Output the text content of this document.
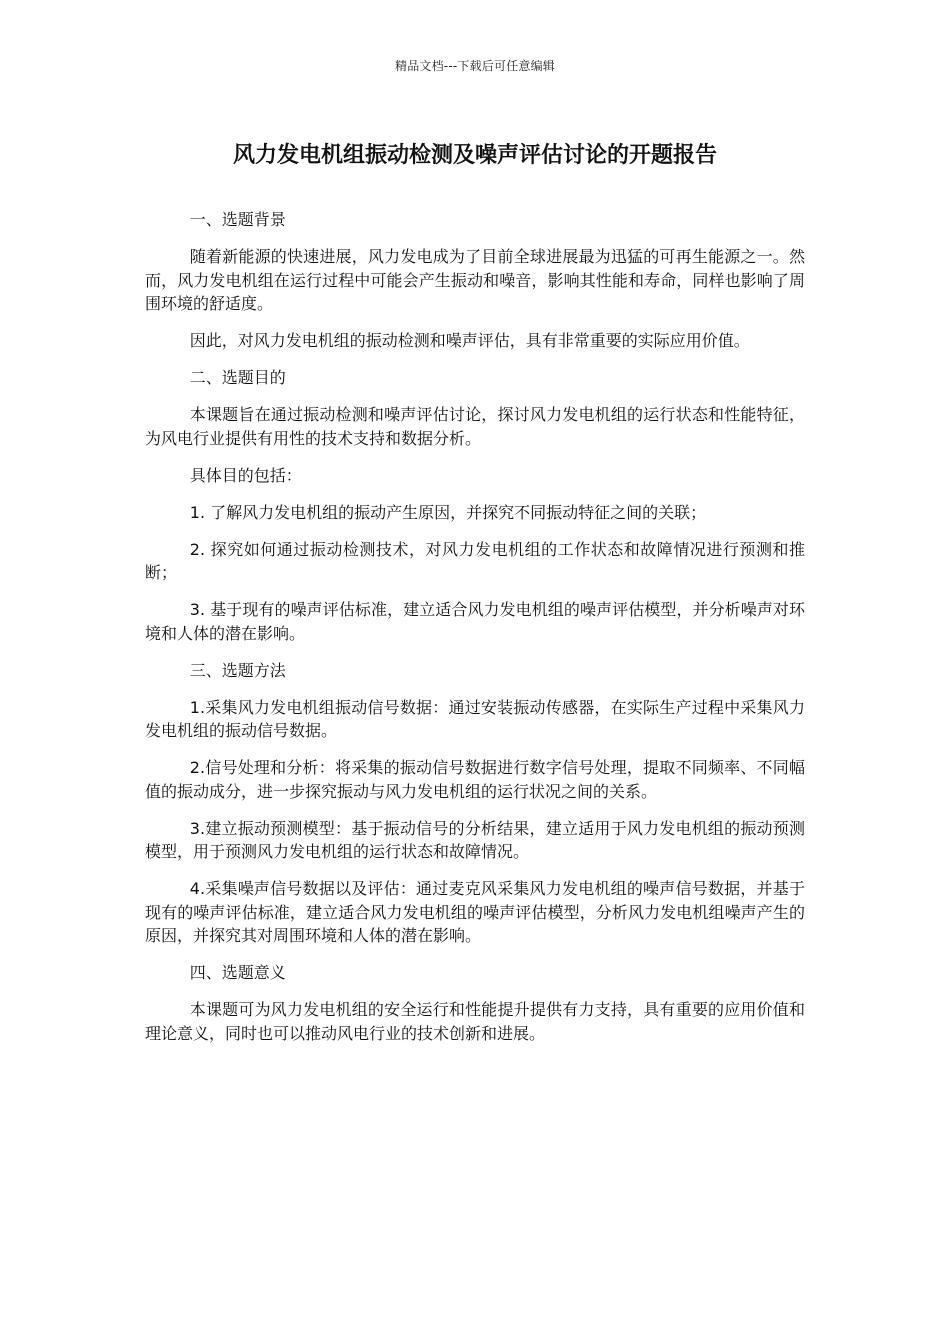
精品文档---下载后可任意编辑
风力发电机组振动检测及噪声评估讨论的开题报告

一、选题背景

随着新能源的快速进展，风力发电成为了目前全球进展最为迅猛的可再生能源之一。然而，风力发电机组在运行过程中可能会产生振动和噪音，影响其性能和寿命，同样也影响了周围环境的舒适度。

因此，对风力发电机组的振动检测和噪声评估，具有非常重要的实际应用价值。

二、选题目的

本课题旨在通过振动检测和噪声评估讨论，探讨风力发电机组的运行状态和性能特征，为风电行业提供有用性的技术支持和数据分析。

具体目的包括：

1. 了解风力发电机组的振动产生原因，并探究不同振动特征之间的关联；

2. 探究如何通过振动检测技术，对风力发电机组的工作状态和故障情况进行预测和推断；

3. 基于现有的噪声评估标准，建立适合风力发电机组的噪声评估模型，并分析噪声对环境和人体的潜在影响。

三、选题方法

1.采集风力发电机组振动信号数据：通过安装振动传感器，在实际生产过程中采集风力发电机组的振动信号数据。

2.信号处理和分析：将采集的振动信号数据进行数字信号处理，提取不同频率、不同幅值的振动成分，进一步探究振动与风力发电机组的运行状况之间的关系。

3.建立振动预测模型：基于振动信号的分析结果，建立适用于风力发电机组的振动预测模型，用于预测风力发电机组的运行状态和故障情况。

4.采集噪声信号数据以及评估：通过麦克风采集风力发电机组的噪声信号数据，并基于现有的噪声评估标准，建立适合风力发电机组的噪声评估模型，分析风力发电机组噪声产生的原因，并探究其对周围环境和人体的潜在影响。

四、选题意义

本课题可为风力发电机组的安全运行和性能提升提供有力支持，具有重要的应用价值和理论意义，同时也可以推动风电行业的技术创新和进展。
